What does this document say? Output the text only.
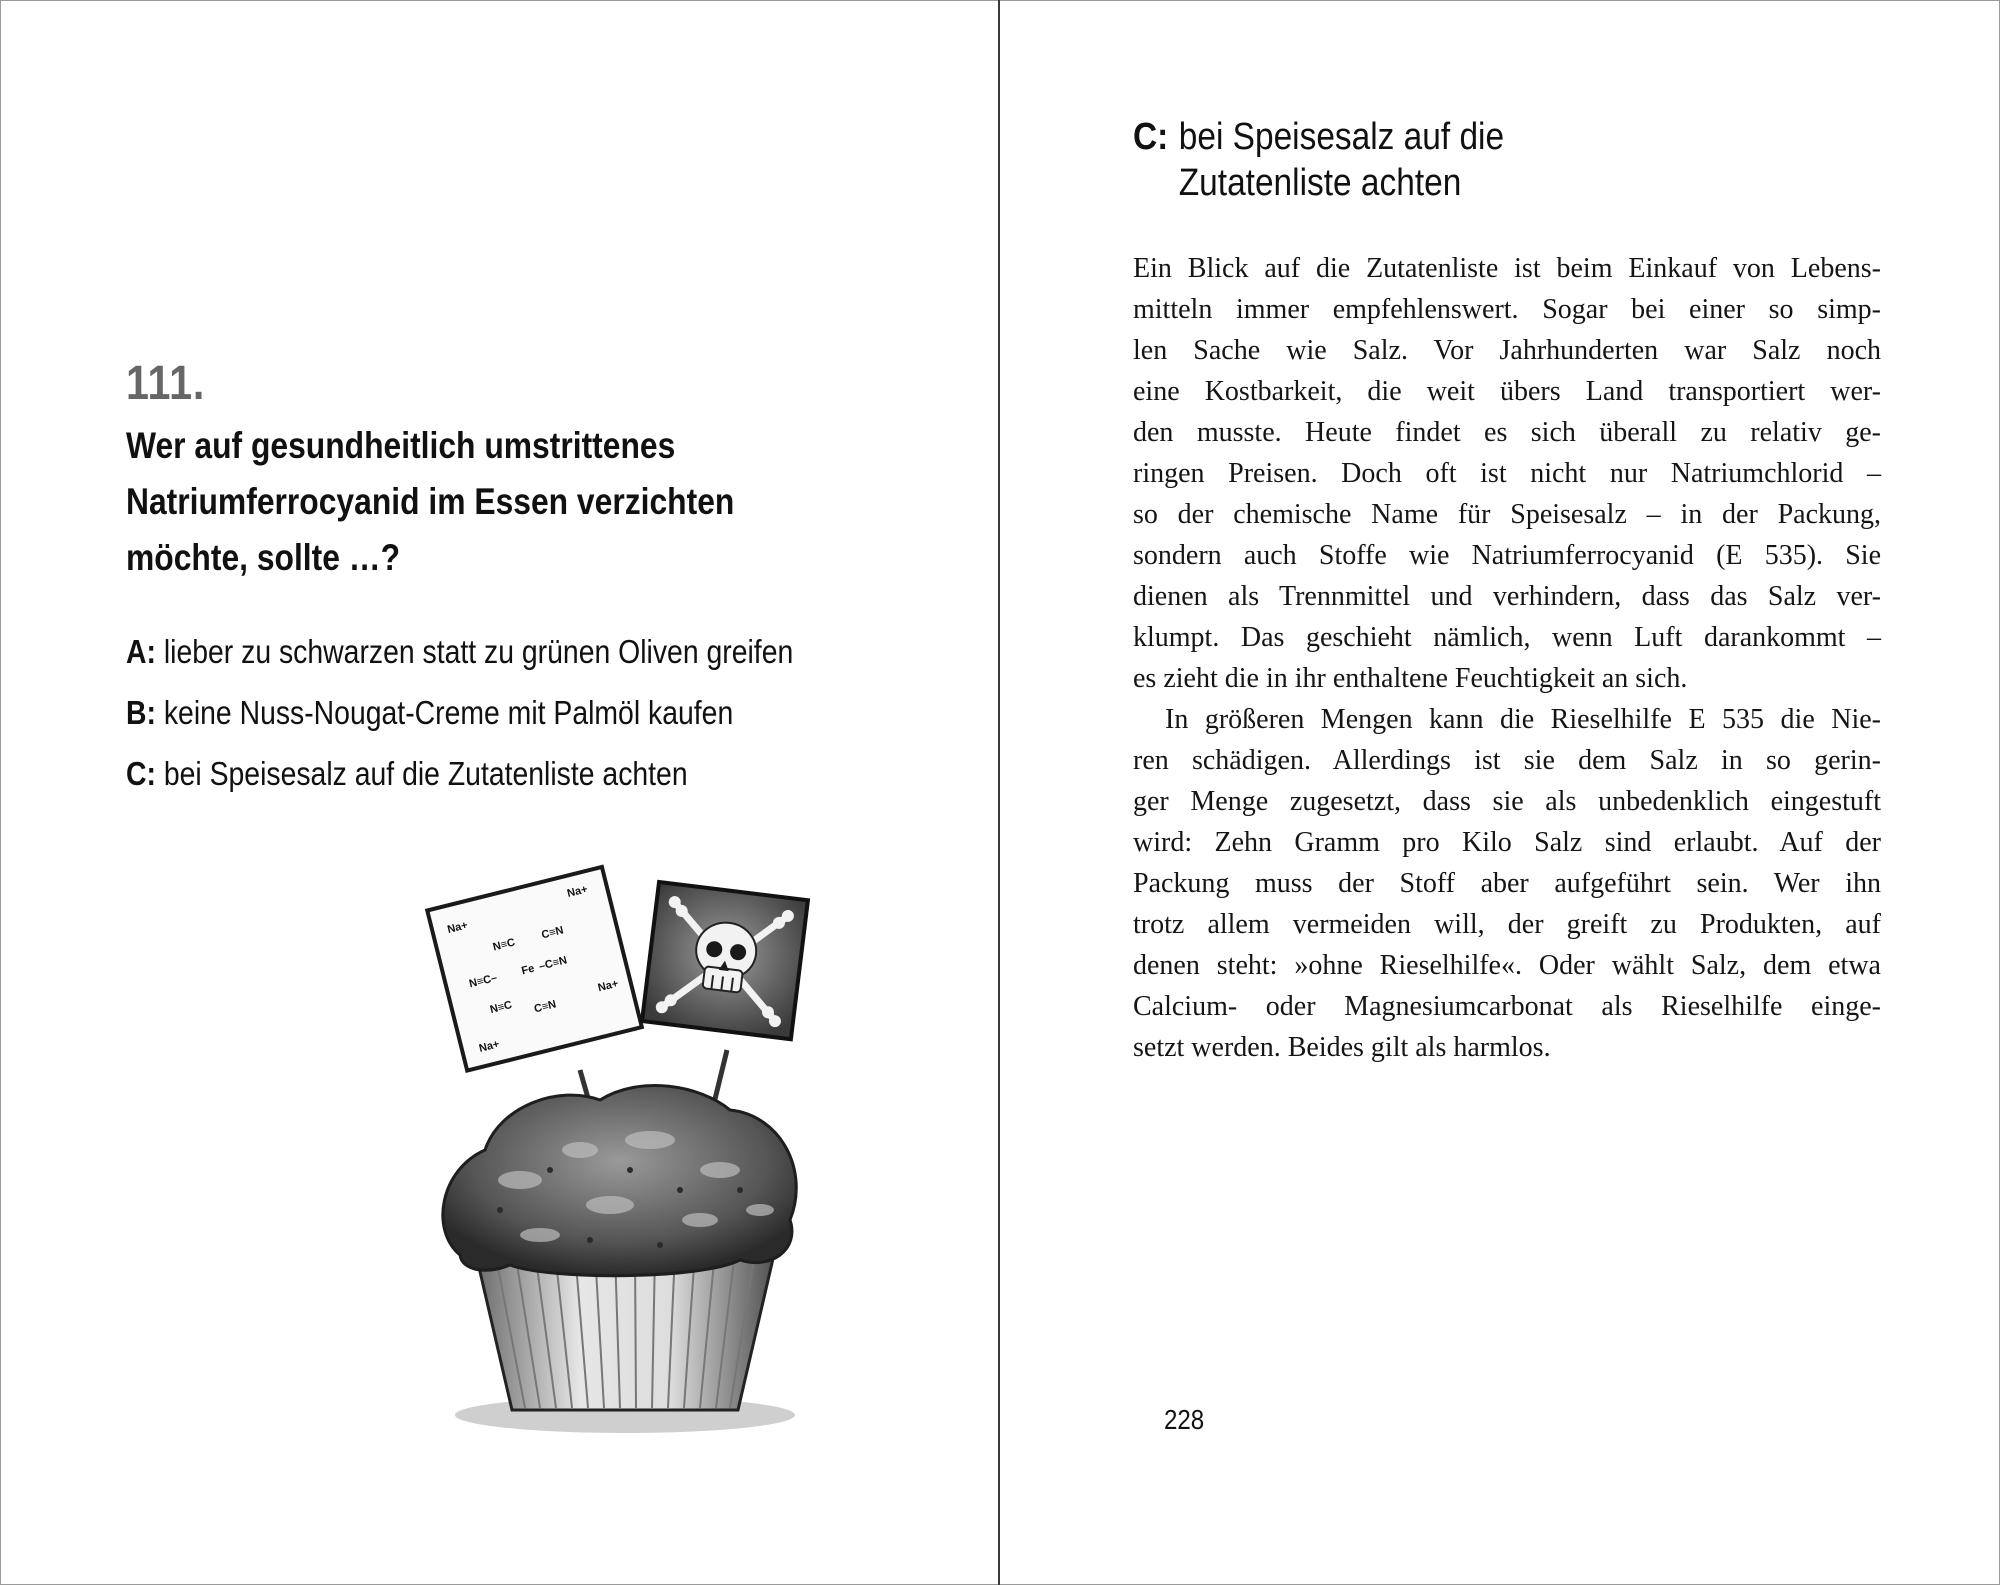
111.
Wer auf gesundheitlich umstrittenes
Natriumferrocyanid im Essen verzichten
möchte, sollte …?
A: lieber zu schwarzen statt zu grünen Oliven greifen
B: keine Nuss-Nougat-Creme mit Palmöl kaufen
C: bei Speisesalz auf die Zutatenliste achten
Na+
Na+
Na+
Na+
N≡C
C≡N
N≡C–
Fe –C≡N
N≡C C≡N
C: bei Speisesalz auf die
Zutatenliste achten
Ein Blick auf die Zutatenliste ist beim Einkauf von Lebens-
mitteln immer empfehlenswert. Sogar bei einer so simp-
len Sache wie Salz. Vor Jahrhunderten war Salz noch
eine Kostbarkeit, die weit übers Land transportiert wer-
den musste. Heute findet es sich überall zu relativ ge-
ringen Preisen. Doch oft ist nicht nur Natriumchlorid –
so der chemische Name für Speisesalz – in der Packung,
sondern auch Stoffe wie Natriumferrocyanid (E 535). Sie
dienen als Trennmittel und verhindern, dass das Salz ver-
klumpt. Das geschieht nämlich, wenn Luft darankommt –
es zieht die in ihr enthaltene Feuchtigkeit an sich.
In größeren Mengen kann die Rieselhilfe E 535 die Nie-
ren schädigen. Allerdings ist sie dem Salz in so gerin-
ger Menge zugesetzt, dass sie als unbedenklich eingestuft
wird: Zehn Gramm pro Kilo Salz sind erlaubt. Auf der
Packung muss der Stoff aber aufgeführt sein. Wer ihn
trotz allem vermeiden will, der greift zu Produkten, auf
denen steht: »ohne Rieselhilfe«. Oder wählt Salz, dem etwa
Calcium- oder Magnesiumcarbonat als Rieselhilfe einge-
setzt werden. Beides gilt als harmlos.
228
